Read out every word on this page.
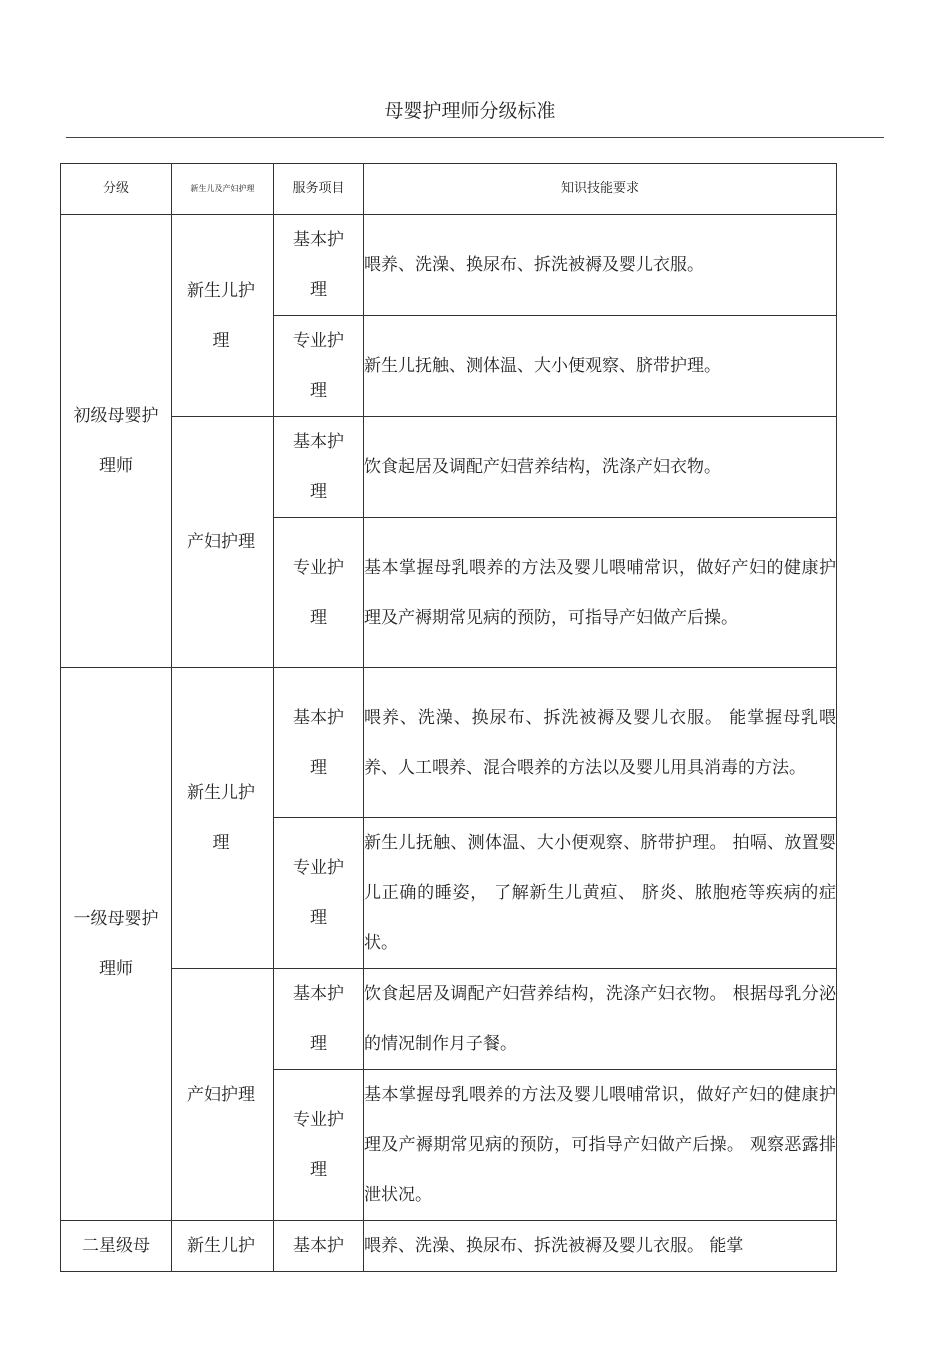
母婴护理师分级标准
分级	新生儿及产妇护理	服务项目	知识技能要求
初级母婴护理师	新生儿护理	基本护理	喂养、洗澡、换尿布、拆洗被褥及婴儿衣服。

		专业护理	新生儿抚触、测体温、大小便观察、脐带护理。

	产妇护理	基本护理	饮食起居及调配产妇营养结构，洗涤产妇衣物。

		专业护理	基本掌握母乳喂养的方法及婴儿喂哺常识，做好产妇的健康护理及产褥期常见病的预防，可指导产妇做产后操。

一级母婴护理师	新生儿护理	基本护理	喂养、洗澡、换尿布、拆洗被褥及婴儿衣服。 能掌握母乳喂养、人工喂养、混合喂养的方法以及婴儿用具消毒的方法。

		专业护理	新生儿抚触、测体温、大小便观察、脐带护理。 拍嗝、放置婴儿正确的睡姿， 了解新生儿黄疸、 脐炎、脓胞疮等疾病的症状。

	产妇护理	基本护理	饮食起居及调配产妇营养结构，洗涤产妇衣物。 根据母乳分泌的情况制作月子餐。

		专业护理	基本掌握母乳喂养的方法及婴儿喂哺常识，做好产妇的健康护理及产褥期常见病的预防，可指导产妇做产后操。 观察恶露排泄状况。

二星级母	新生儿护	基本护	喂养、洗澡、换尿布、拆洗被褥及婴儿衣服。 能掌
